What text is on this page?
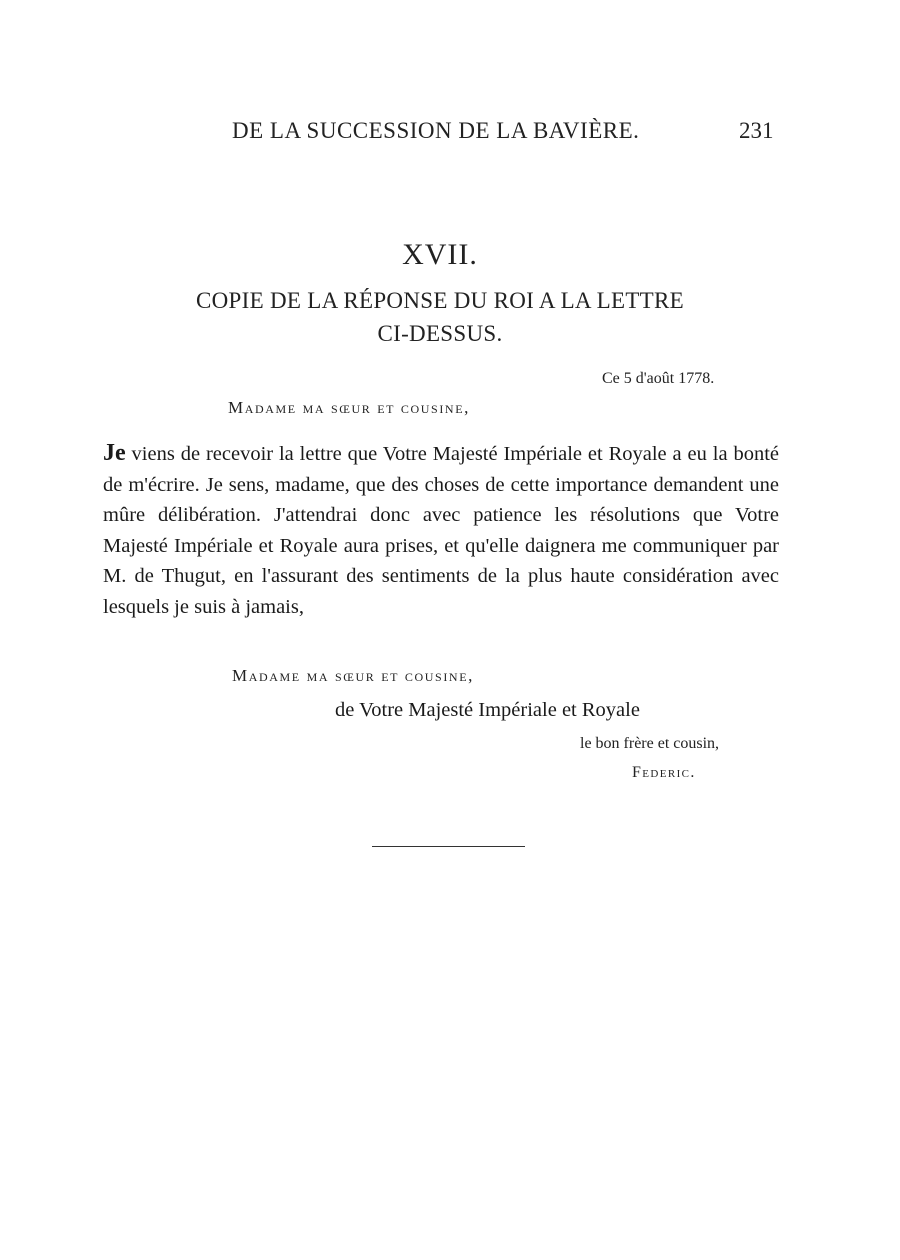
DE LA SUCCESSION DE LA BAVIÈRE.	231
XVII.
COPIE DE LA RÉPONSE DU ROI A LA LETTRE
CI-DESSUS.
Ce 5 d'août 1778.
Madame ma sœur et cousine,
Je viens de recevoir la lettre que Votre Majesté Impériale et Royale a eu la bonté de m'écrire. Je sens, madame, que des choses de cette importance demandent une mûre délibération. J'attendrai donc avec patience les résolutions que Votre Majesté Impériale et Royale aura prises, et qu'elle daignera me communiquer par M. de Thugut, en l'assurant des sentiments de la plus haute considération avec lesquels je suis à jamais,
Madame ma sœur et cousine,
de Votre Majesté Impériale et Royale
le bon frère et cousin,
Federic.
